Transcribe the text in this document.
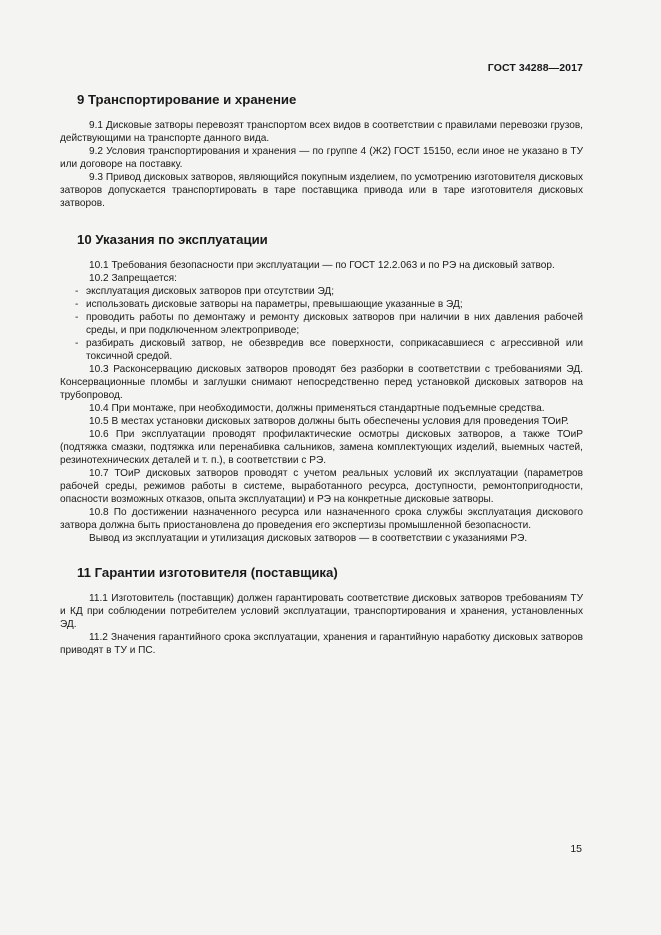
ГОСТ 34288—2017
9 Транспортирование и хранение

9.1 Дисковые затворы перевозят транспортом всех видов в соответствии с правилами перевозки грузов, действующими на транспорте данного вида.

9.2 Условия транспортирования и хранения — по группе 4 (Ж2) ГОСТ 15150, если иное не указано в ТУ или договоре на поставку.

9.3 Привод дисковых затворов, являющийся покупным изделием, по усмотрению изготовителя дисковых затворов допускается транспортировать в таре поставщика привода или в таре изготовителя дисковых затворов.

10 Указания по эксплуатации

10.1 Требования безопасности при эксплуатации — по ГОСТ 12.2.063 и по РЭ на дисковый затвор.

10.2 Запрещается:

- эксплуатация дисковых затворов при отсутствии ЭД;
- использовать дисковые затворы на параметры, превышающие указанные в ЭД;
- проводить работы по демонтажу и ремонту дисковых затворов при наличии в них давления рабочей среды, и при подключенном электроприводе;
- разбирать дисковый затвор, не обезвредив все поверхности, соприкасавшиеся с агрессивной или токсичной средой.

10.3 Расконсервацию дисковых затворов проводят без разборки в соответствии с требованиями ЭД. Консервационные пломбы и заглушки снимают непосредственно перед установкой дисковых затворов на трубопровод.

10.4 При монтаже, при необходимости, должны применяться стандартные подъемные средства.

10.5 В местах установки дисковых затворов должны быть обеспечены условия для проведения ТОиР.

10.6 При эксплуатации проводят профилактические осмотры дисковых затворов, а также ТОиР (подтяжка смазки, подтяжка или перенабивка сальников, замена комплектующих изделий, выемных частей, резинотехнических деталей и т. п.), в соответствии с РЭ.

10.7 ТОиР дисковых затворов проводят с учетом реальных условий их эксплуатации (параметров рабочей среды, режимов работы в системе, выработанного ресурса, доступности, ремонтопригодности, опасности возможных отказов, опыта эксплуатации) и РЭ на конкретные дисковые затворы.

10.8 По достижении назначенного ресурса или назначенного срока службы эксплуатация дискового затвора должна быть приостановлена до проведения его экспертизы промышленной безопасности.

Вывод из эксплуатации и утилизация дисковых затворов — в соответствии с указаниями РЭ.

11 Гарантии изготовителя (поставщика)

11.1 Изготовитель (поставщик) должен гарантировать соответствие дисковых затворов требованиям ТУ и КД при соблюдении потребителем условий эксплуатации, транспортирования и хранения, установленных ЭД.

11.2 Значения гарантийного срока эксплуатации, хранения и гарантийную наработку дисковых затворов приводят в ТУ и ПС.

15
